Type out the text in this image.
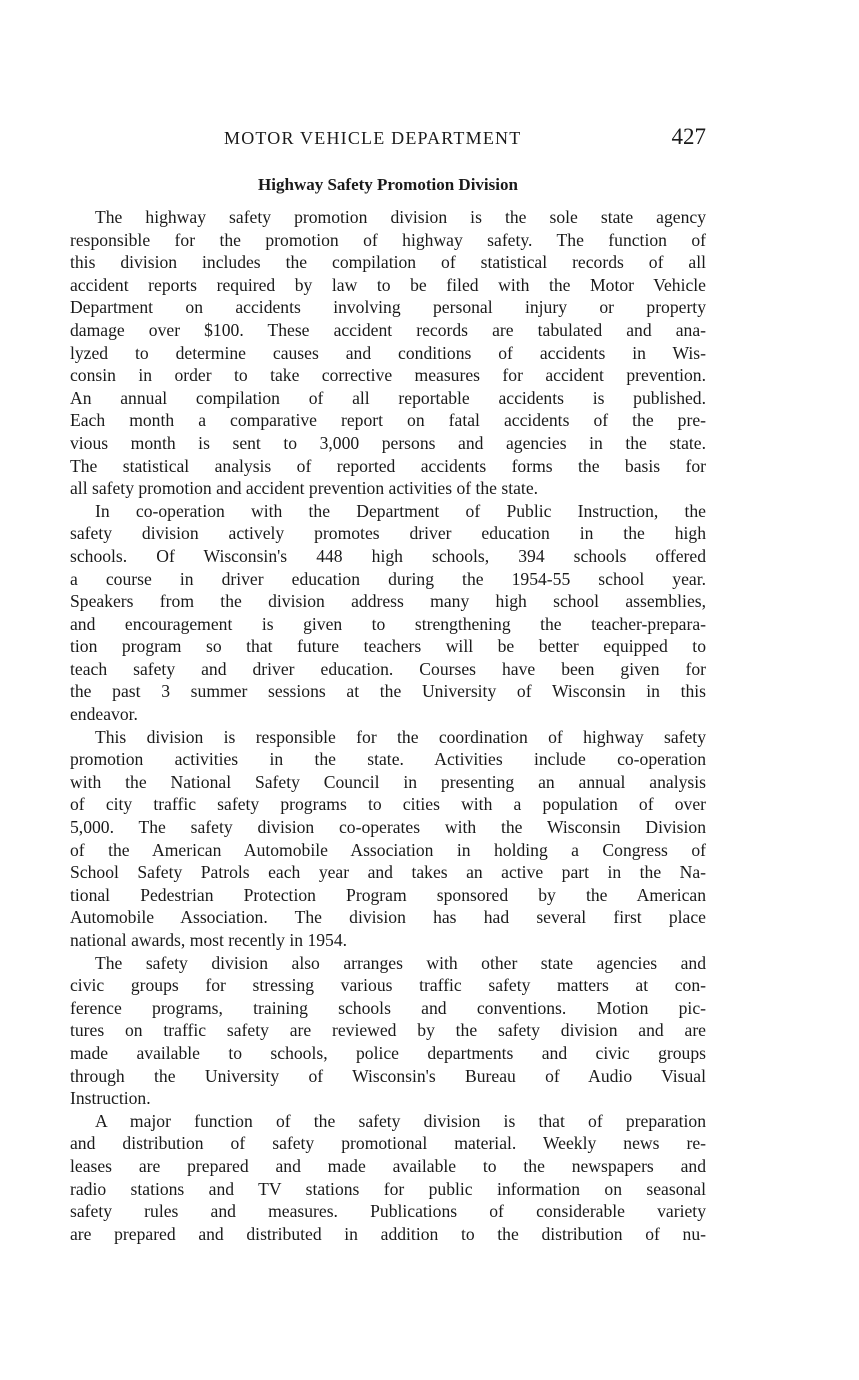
MOTOR VEHICLE DEPARTMENT	427
Highway Safety Promotion Division
The highway safety promotion division is the sole state agency
responsible for the promotion of highway safety. The function of
this division includes the compilation of statistical records of all
accident reports required by law to be filed with the Motor Vehicle
Department on accidents involving personal injury or property
damage over $100. These accident records are tabulated and ana-
lyzed to determine causes and conditions of accidents in Wis-
consin in order to take corrective measures for accident prevention.
An annual compilation of all reportable accidents is published.
Each month a comparative report on fatal accidents of the pre-
vious month is sent to 3,000 persons and agencies in the state.
The statistical analysis of reported accidents forms the basis for
all safety promotion and accident prevention activities of the state.
In co-operation with the Department of Public Instruction, the
safety division actively promotes driver education in the high
schools. Of Wisconsin's 448 high schools, 394 schools offered
a course in driver education during the 1954-55 school year.
Speakers from the division address many high school assemblies,
and encouragement is given to strengthening the teacher-prepara-
tion program so that future teachers will be better equipped to
teach safety and driver education. Courses have been given for
the past 3 summer sessions at the University of Wisconsin in this
endeavor.
This division is responsible for the coordination of highway safety
promotion activities in the state. Activities include co-operation
with the National Safety Council in presenting an annual analysis
of city traffic safety programs to cities with a population of over
5,000. The safety division co-operates with the Wisconsin Division
of the American Automobile Association in holding a Congress of
School Safety Patrols each year and takes an active part in the Na-
tional Pedestrian Protection Program sponsored by the American
Automobile Association. The division has had several first place
national awards, most recently in 1954.
The safety division also arranges with other state agencies and
civic groups for stressing various traffic safety matters at con-
ference programs, training schools and conventions. Motion pic-
tures on traffic safety are reviewed by the safety division and are
made available to schools, police departments and civic groups
through the University of Wisconsin's Bureau of Audio Visual
Instruction.
A major function of the safety division is that of preparation
and distribution of safety promotional material. Weekly news re-
leases are prepared and made available to the newspapers and
radio stations and TV stations for public information on seasonal
safety rules and measures. Publications of considerable variety
are prepared and distributed in addition to the distribution of nu-
